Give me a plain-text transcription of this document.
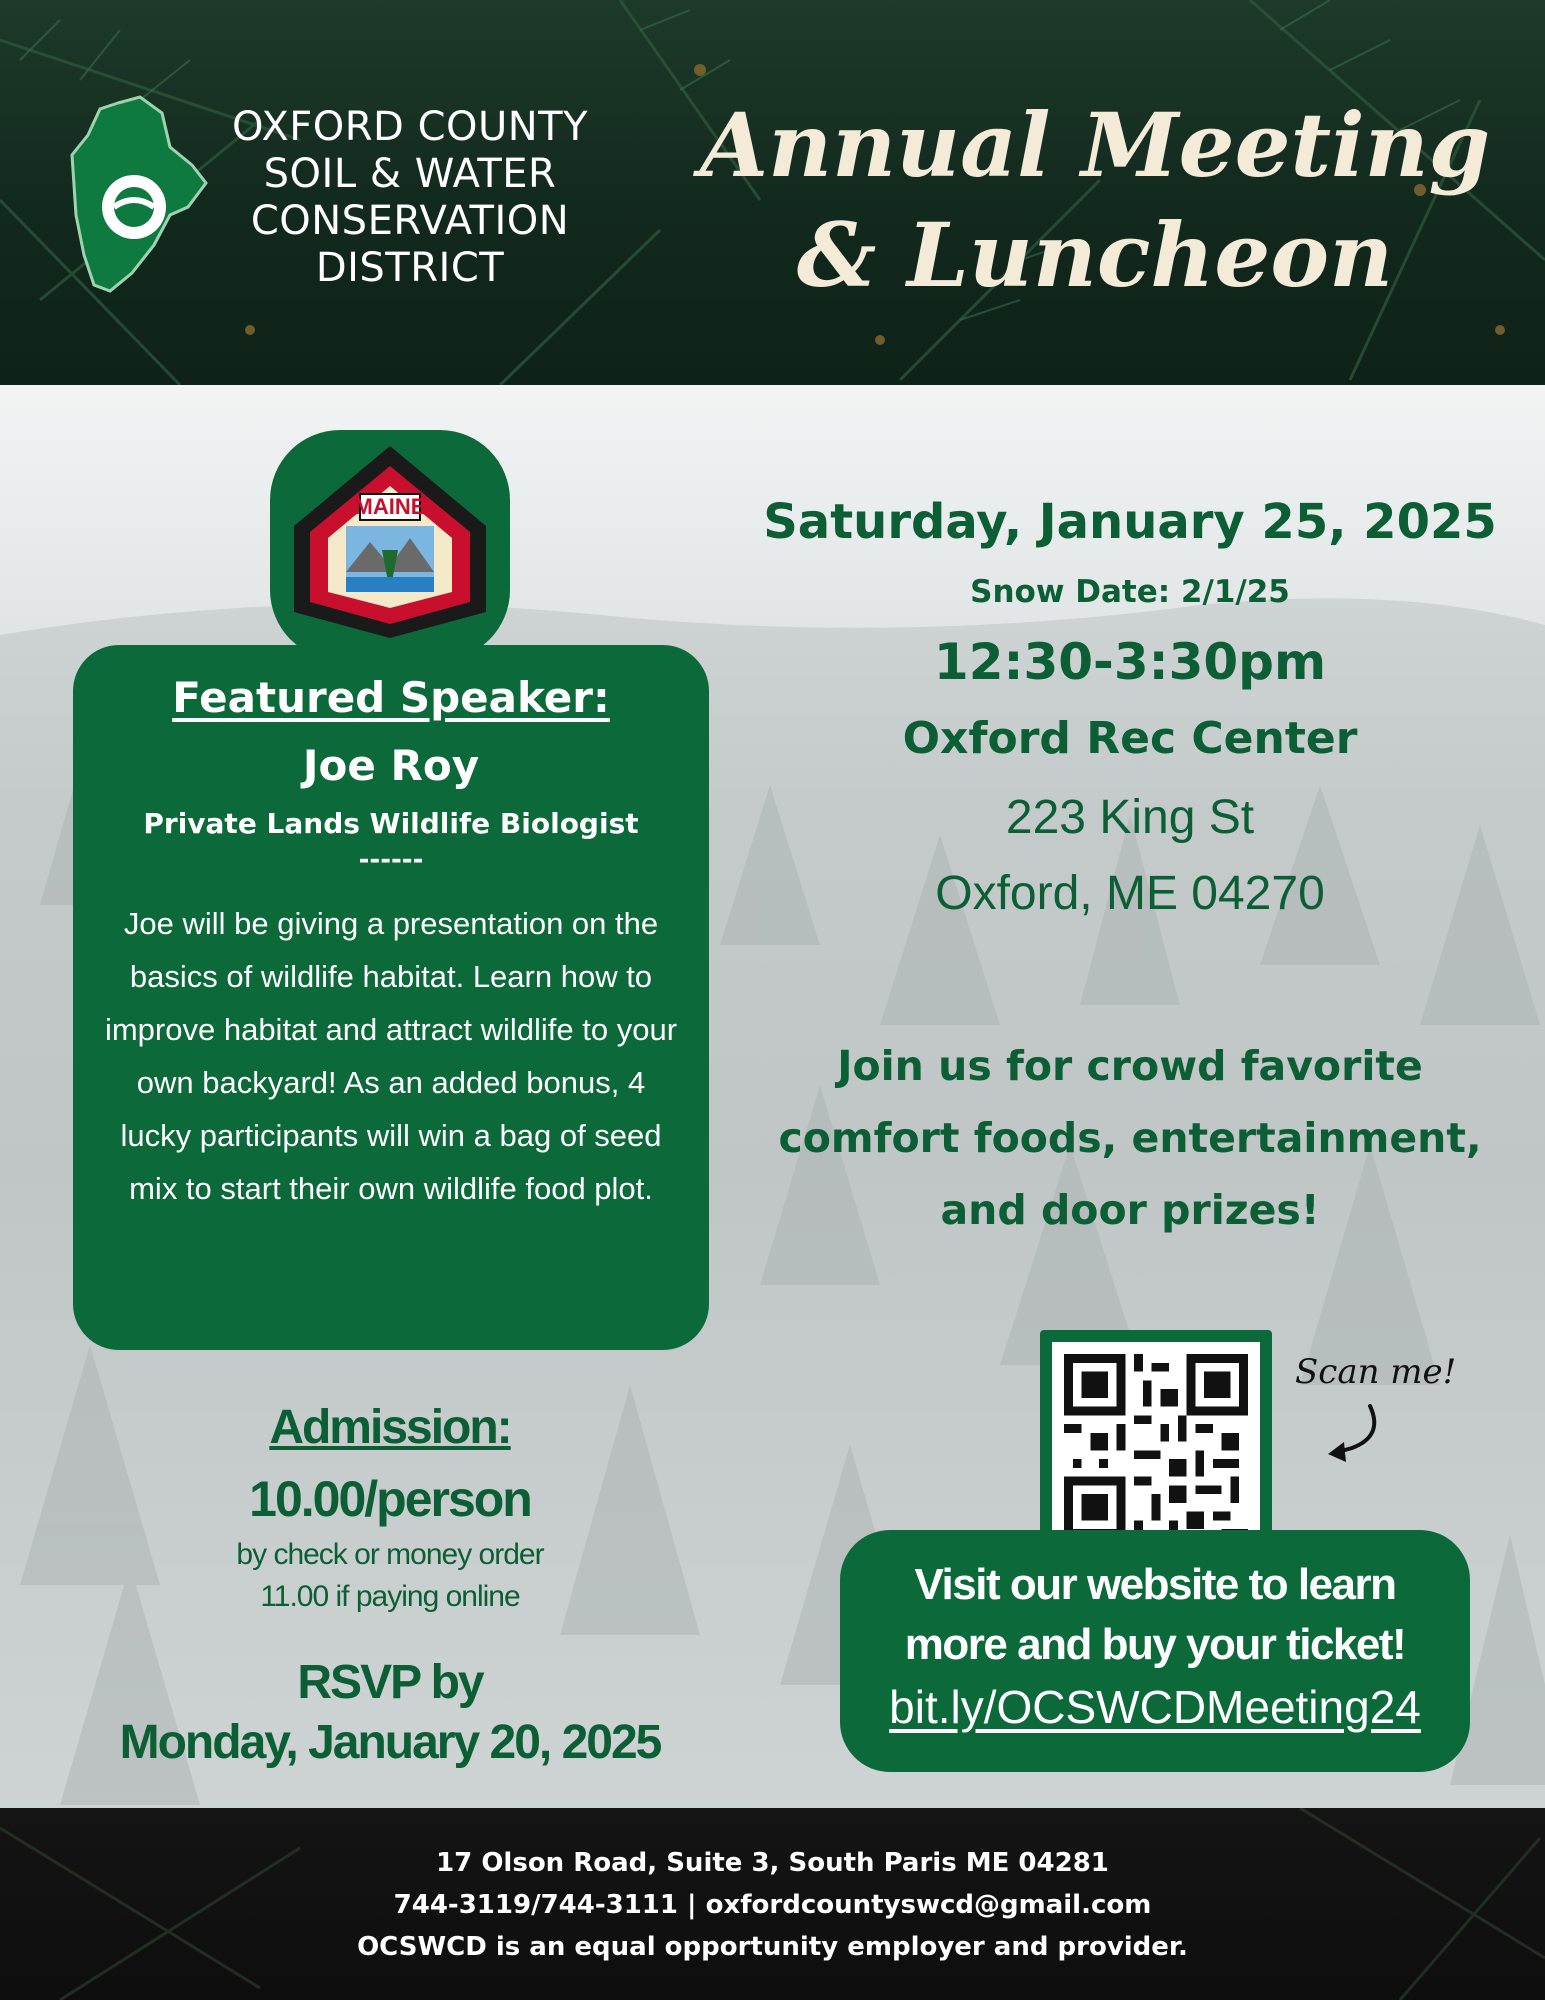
OXFORD COUNTY
SOIL & WATER
CONSERVATION
DISTRICT
Annual Meeting
& Luncheon
MAINE
Featured Speaker:
Joe Roy
Private Lands Wildlife Biologist
------
Joe will be giving a presentation on the basics of wildlife habitat. Learn how to improve habitat and attract wildlife to your own backyard! As an added bonus, 4 lucky participants will win a bag of seed mix to start their own wildlife food plot.
Saturday, January 25, 2025
Snow Date: 2/1/25
12:30-3:30pm
Oxford Rec Center
223 King St
Oxford, ME 04270
Join us for crowd favorite
comfort foods, entertainment,
and door prizes!
Admission:
10.00/person
by check or money order
11.00 if paying online
RSVP by
Monday, January 20, 2025
Scan me!
Visit our website to learn
more and buy your ticket!
bit.ly/OCSWCDMeeting24
17 Olson Road, Suite 3, South Paris ME 04281
744-3119/744-3111 | oxfordcountyswcd@gmail.com
OCSWCD is an equal opportunity employer and provider.
